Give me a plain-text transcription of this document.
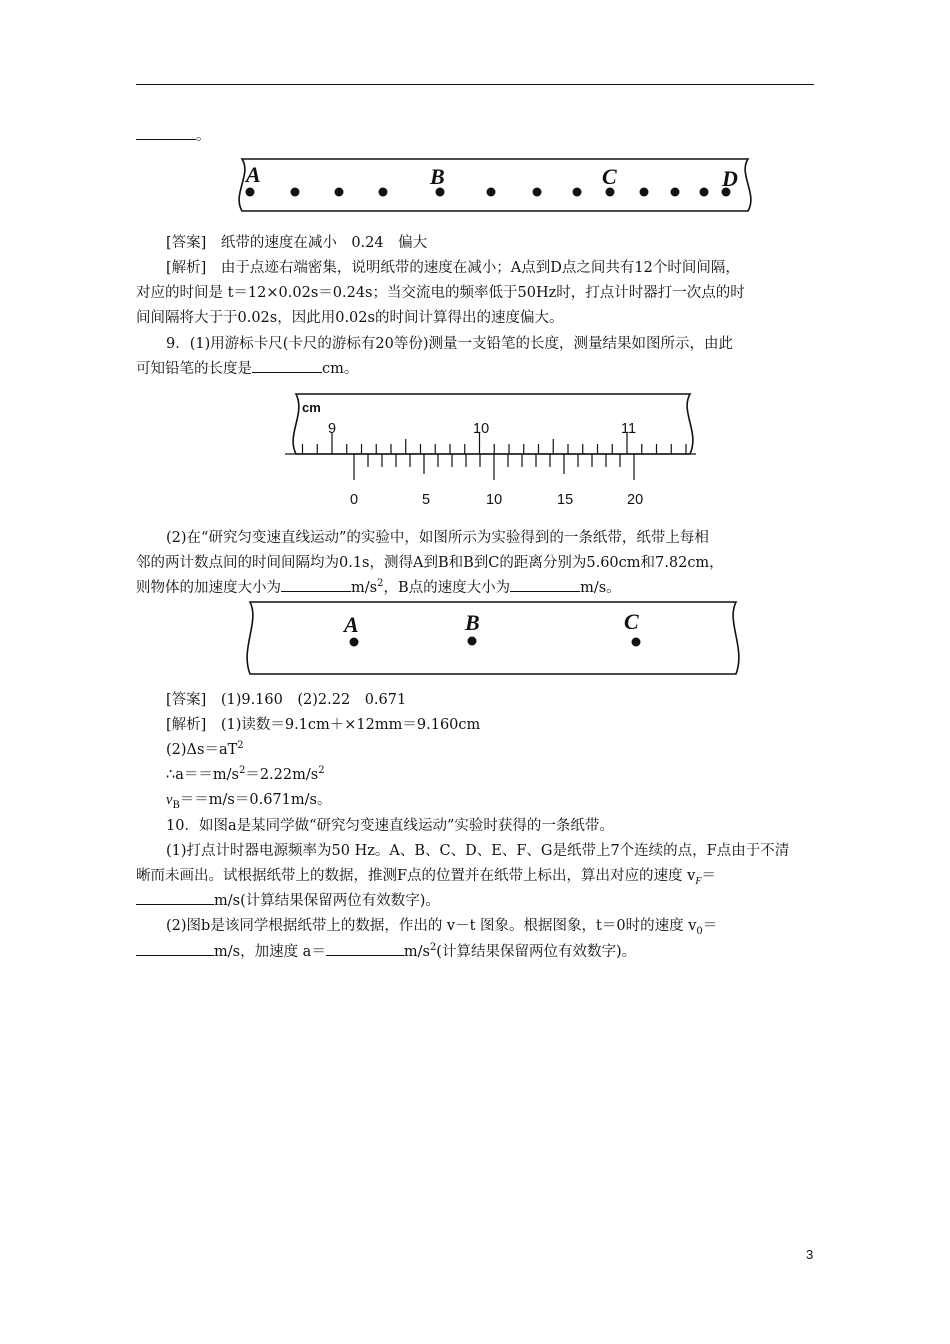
。
A	B	C	D
[答案]　纸带的速度在减小　0.24　偏大
[解析]　由于点迹右端密集，说明纸带的速度在减小；A点到D点之间共有12个时间间隔，
对应的时间是 t＝12×0.02s＝0.24s；当交流电的频率低于50Hz时，打点计时器打一次点的时
间间隔将大于于0.02s，因此用0.02s的时间计算得出的速度偏大。
9．(1)用游标卡尺(卡尺的游标有20等份)测量一支铅笔的长度，测量结果如图所示，由此
可知铅笔的长度是	cm。
cm
9	10	11
0	5	10	15	20
(2)在“研究匀变速直线运动”的实验中，如图所示为实验得到的一条纸带，纸带上每相
邻的两计数点间的时间间隔均为0.1s，测得A到B和B到C的距离分别为5.60cm和7.82cm，
则物体的加速度大小为	$m/s^2$，B点的速度大小为	m/s。
A	B	C
[答案]　(1)9.160　(2)2.22　0.671
[解析]　(1)读数＝9.1cm＋×12mm＝9.160cm
$(2)\Delta s=aT^2$
$\therefore a==m/s^2=2.22m/s^2$
$v_B==m/s=0.671m/s$。
10．如图a是某同学做“研究匀变速直线运动”实验时获得的一条纸带。
(1)打点计时器电源频率为50 Hz。A、B、C、D、E、F、G是纸带上7个连续的点，F点由于不清
晰而未画出。试根据纸带上的数据，推测F点的位置并在纸带上标出，算出对应的速度 $v_F=$
m/s(计算结果保留两位有效数字)。
(2)图b是该同学根据纸带上的数据，作出的 v－t 图象。根据图象，t＝0时的速度 $v_0=$
m/s，加速度 a＝	$m/s^2$(计算结果保留两位有效数字)。
3
